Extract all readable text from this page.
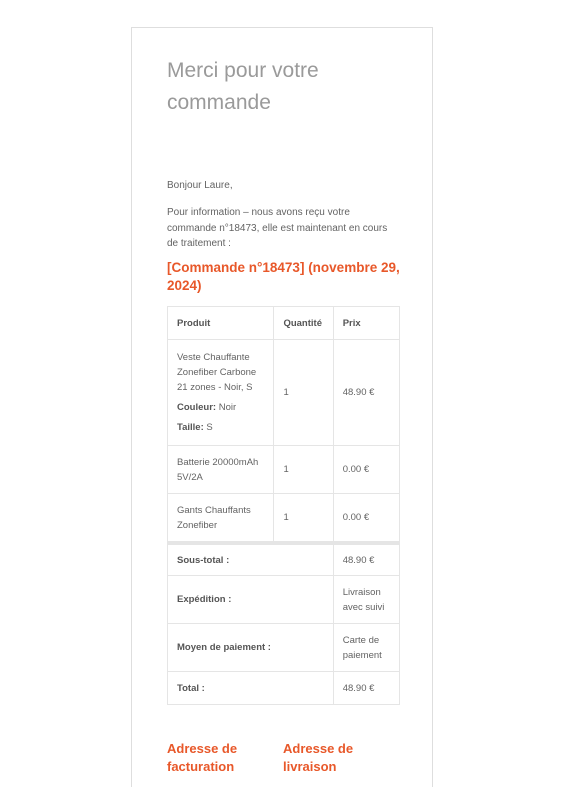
Merci pour votre commande

Bonjour Laure,

Pour information – nous avons reçu votre commande n°18473, elle est maintenant en cours de traitement :

[Commande n°18473] (novembre 29, 2024)
Produit	Quantité	Prix

Veste Chauffante Zonefiber Carbone 21 zones - Noir, S
Couleur: Noir
Taille: S	1	48.90 €
Batterie 20000mAh 5V/2A	1	0.00 €
Gants Chauffants Zonefiber	1	0.00 €
Sous-total :		48.90 €
Expédition :		Livraison avec suivi
Moyen de paiement :		Carte de paiement
Total :		48.90 €
Adresse de facturation
Adresse de livraison
